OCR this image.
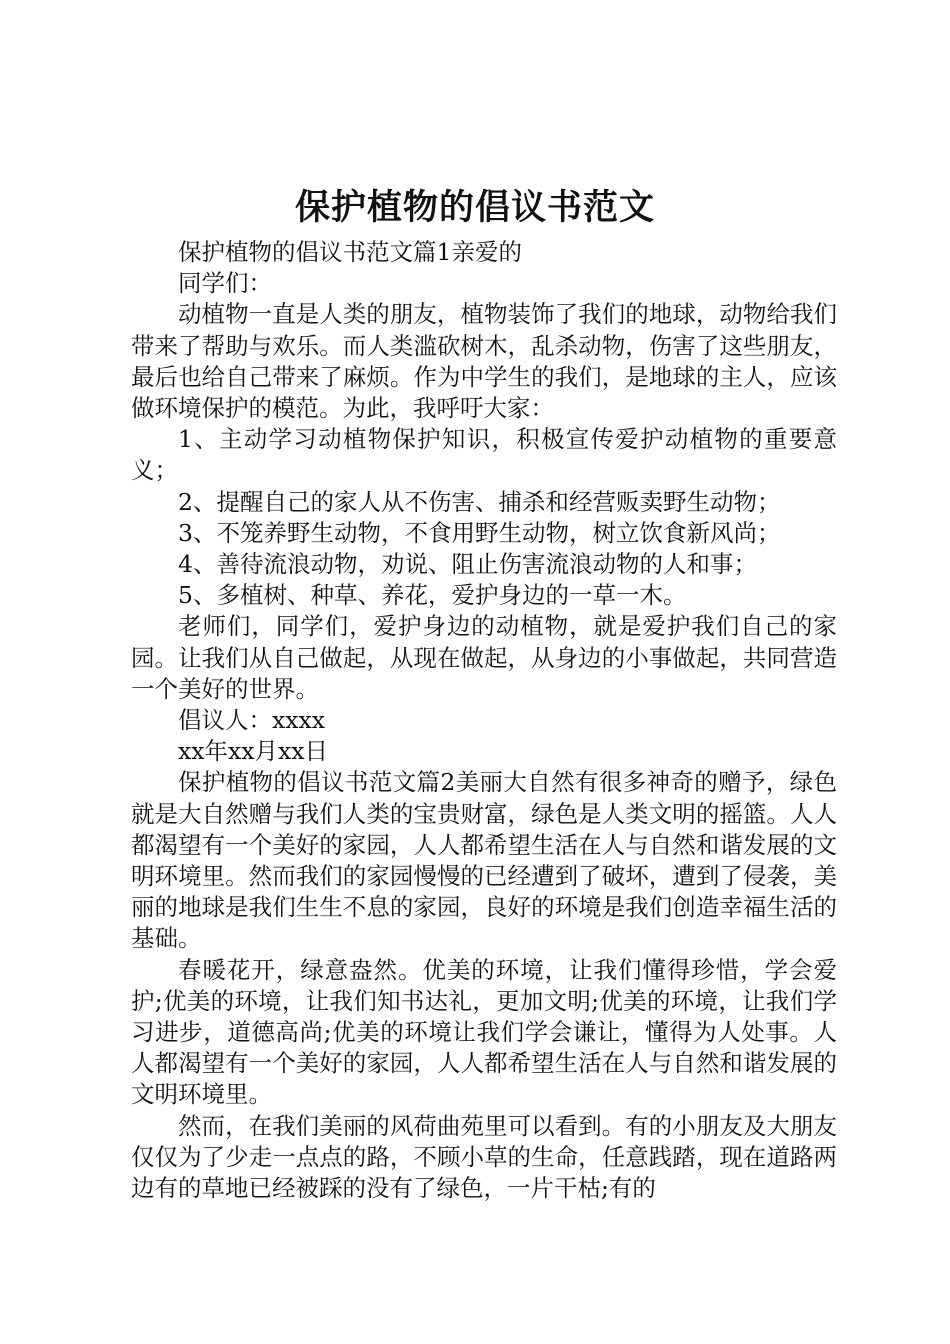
保护植物的倡议书范文

保护植物的倡议书范文篇1亲爱的

同学们：

动植物一直是人类的朋友，植物装饰了我们的地球，动物给我们带来了帮助与欢乐。而人类滥砍树木，乱杀动物，伤害了这些朋友，最后也给自己带来了麻烦。作为中学生的我们，是地球的主人，应该做环境保护的模范。为此，我呼吁大家：

1、主动学习动植物保护知识，积极宣传爱护动植物的重要意义；

2、提醒自己的家人从不伤害、捕杀和经营贩卖野生动物；

3、不笼养野生动物，不食用野生动物，树立饮食新风尚；

4、善待流浪动物，劝说、阻止伤害流浪动物的人和事；

5、多植树、种草、养花，爱护身边的一草一木。

老师们，同学们，爱护身边的动植物，就是爱护我们自己的家园。让我们从自己做起，从现在做起，从身边的小事做起，共同营造一个美好的世界。

倡议人：xxxx

xx年xx月xx日

保护植物的倡议书范文篇2美丽大自然有很多神奇的赠予，绿色就是大自然赠与我们人类的宝贵财富，绿色是人类文明的摇篮。人人都渴望有一个美好的家园，人人都希望生活在人与自然和谐发展的文明环境里。然而我们的家园慢慢的已经遭到了破坏，遭到了侵袭，美丽的地球是我们生生不息的家园，良好的环境是我们创造幸福生活的基础。

春暖花开，绿意盎然。优美的环境，让我们懂得珍惜，学会爱护;优美的环境，让我们知书达礼，更加文明;优美的环境，让我们学习进步，道德高尚;优美的环境让我们学会谦让，懂得为人处事。人人都渴望有一个美好的家园，人人都希望生活在人与自然和谐发展的文明环境里。

然而，在我们美丽的风荷曲苑里可以看到。有的小朋友及大朋友仅仅为了少走一点点的路，不顾小草的生命，任意践踏，现在道路两边有的草地已经被踩的没有了绿色，一片干枯;有的
